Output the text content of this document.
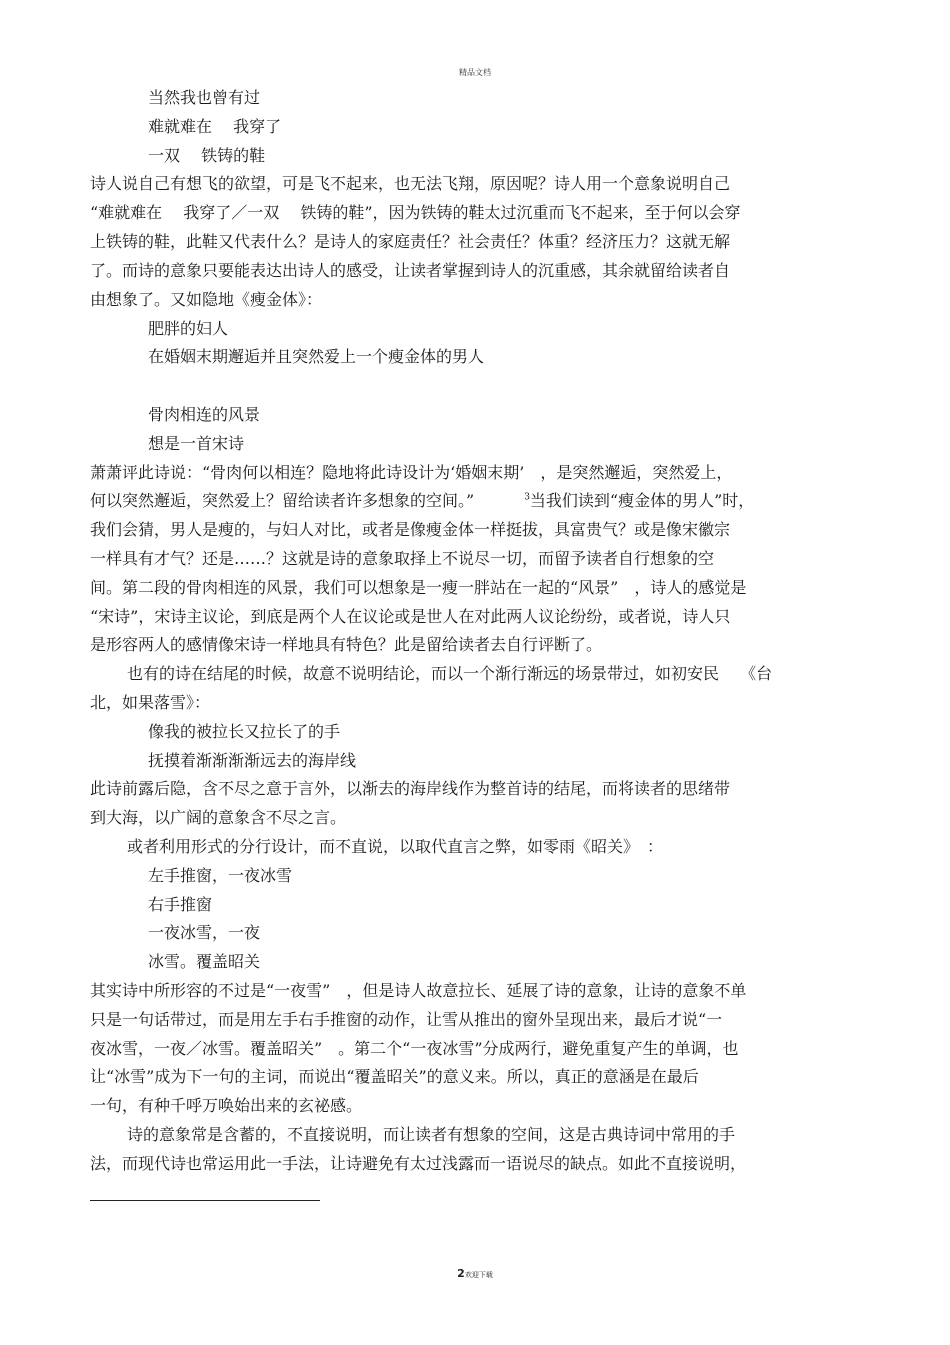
精品文档
当然我也曾有过
难就难在　 我穿了
一双　 铁铸的鞋
诗人说自己有想飞的欲望，可是飞不起来，也无法飞翔，原因呢？诗人用一个意象说明自己
“难就难在　 我穿了／一双　 铁铸的鞋”，因为铁铸的鞋太过沉重而飞不起来，至于何以会穿
上铁铸的鞋，此鞋又代表什么？是诗人的家庭责任？社会责任？体重？经济压力？这就无解
了。而诗的意象只要能表达出诗人的感受，让读者掌握到诗人的沉重感，其余就留给读者自
由想象了。又如隐地《瘦金体》：
肥胖的妇人
在婚姻末期邂逅并且突然爱上一个瘦金体的男人
骨肉相连的风景
想是一首宋诗
萧萧评此诗说：“骨肉何以相连？隐地将此诗设计为‘婚姻末期’　，是突然邂逅，突然爱上，
何以突然邂逅，突然爱上？留给读者许多想象的空间。”	$^3$当我们读到“瘦金体的男人”时，
我们会猜，男人是瘦的，与妇人对比，或者是像瘦金体一样挺拔，具富贵气？或是像宋徽宗
一样具有才气？还是……？这就是诗的意象取择上不说尽一切，而留予读者自行想象的空
间。第二段的骨肉相连的风景，我们可以想象是一瘦一胖站在一起的“风景”　，诗人的感觉是
“宋诗”，宋诗主议论，到底是两个人在议论或是世人在对此两人议论纷纷，或者说，诗人只
是形容两人的感情像宋诗一样地具有特色？此是留给读者去自行评断了。
也有的诗在结尾的时候，故意不说明结论，而以一个渐行渐远的场景带过，如初安民　 《台
北，如果落雪》：
像我的被拉长又拉长了的手
抚摸着渐渐渐渐远去的海岸线
此诗前露后隐，含不尽之意于言外，以渐去的海岸线作为整首诗的结尾，而将读者的思绪带
到大海，以广阔的意象含不尽之言。
或者利用形式的分行设计，而不直说，以取代直言之弊，如零雨《昭关》　：
左手推窗，一夜冰雪
右手推窗
一夜冰雪，一夜
冰雪。覆盖昭关
其实诗中所形容的不过是“一夜雪”　，但是诗人故意拉长、延展了诗的意象，让诗的意象不单
只是一句话带过，而是用左手右手推窗的动作，让雪从推出的窗外呈现出来，最后才说“一
夜冰雪，一夜／冰雪。覆盖昭关”　。第二个“一夜冰雪”分成两行，避免重复产生的单调，也
让“冰雪”成为下一句的主词，而说出“覆盖昭关”的意义来。所以，真正的意涵是在最后
一句，有种千呼万唤始出来的玄祕感。
诗的意象常是含蓄的，不直接说明，而让读者有想象的空间，这是古典诗词中常用的手
法，而现代诗也常运用此一手法，让诗避免有太过浅露而一语说尽的缺点。如此不直接说明，
2欢迎下载
